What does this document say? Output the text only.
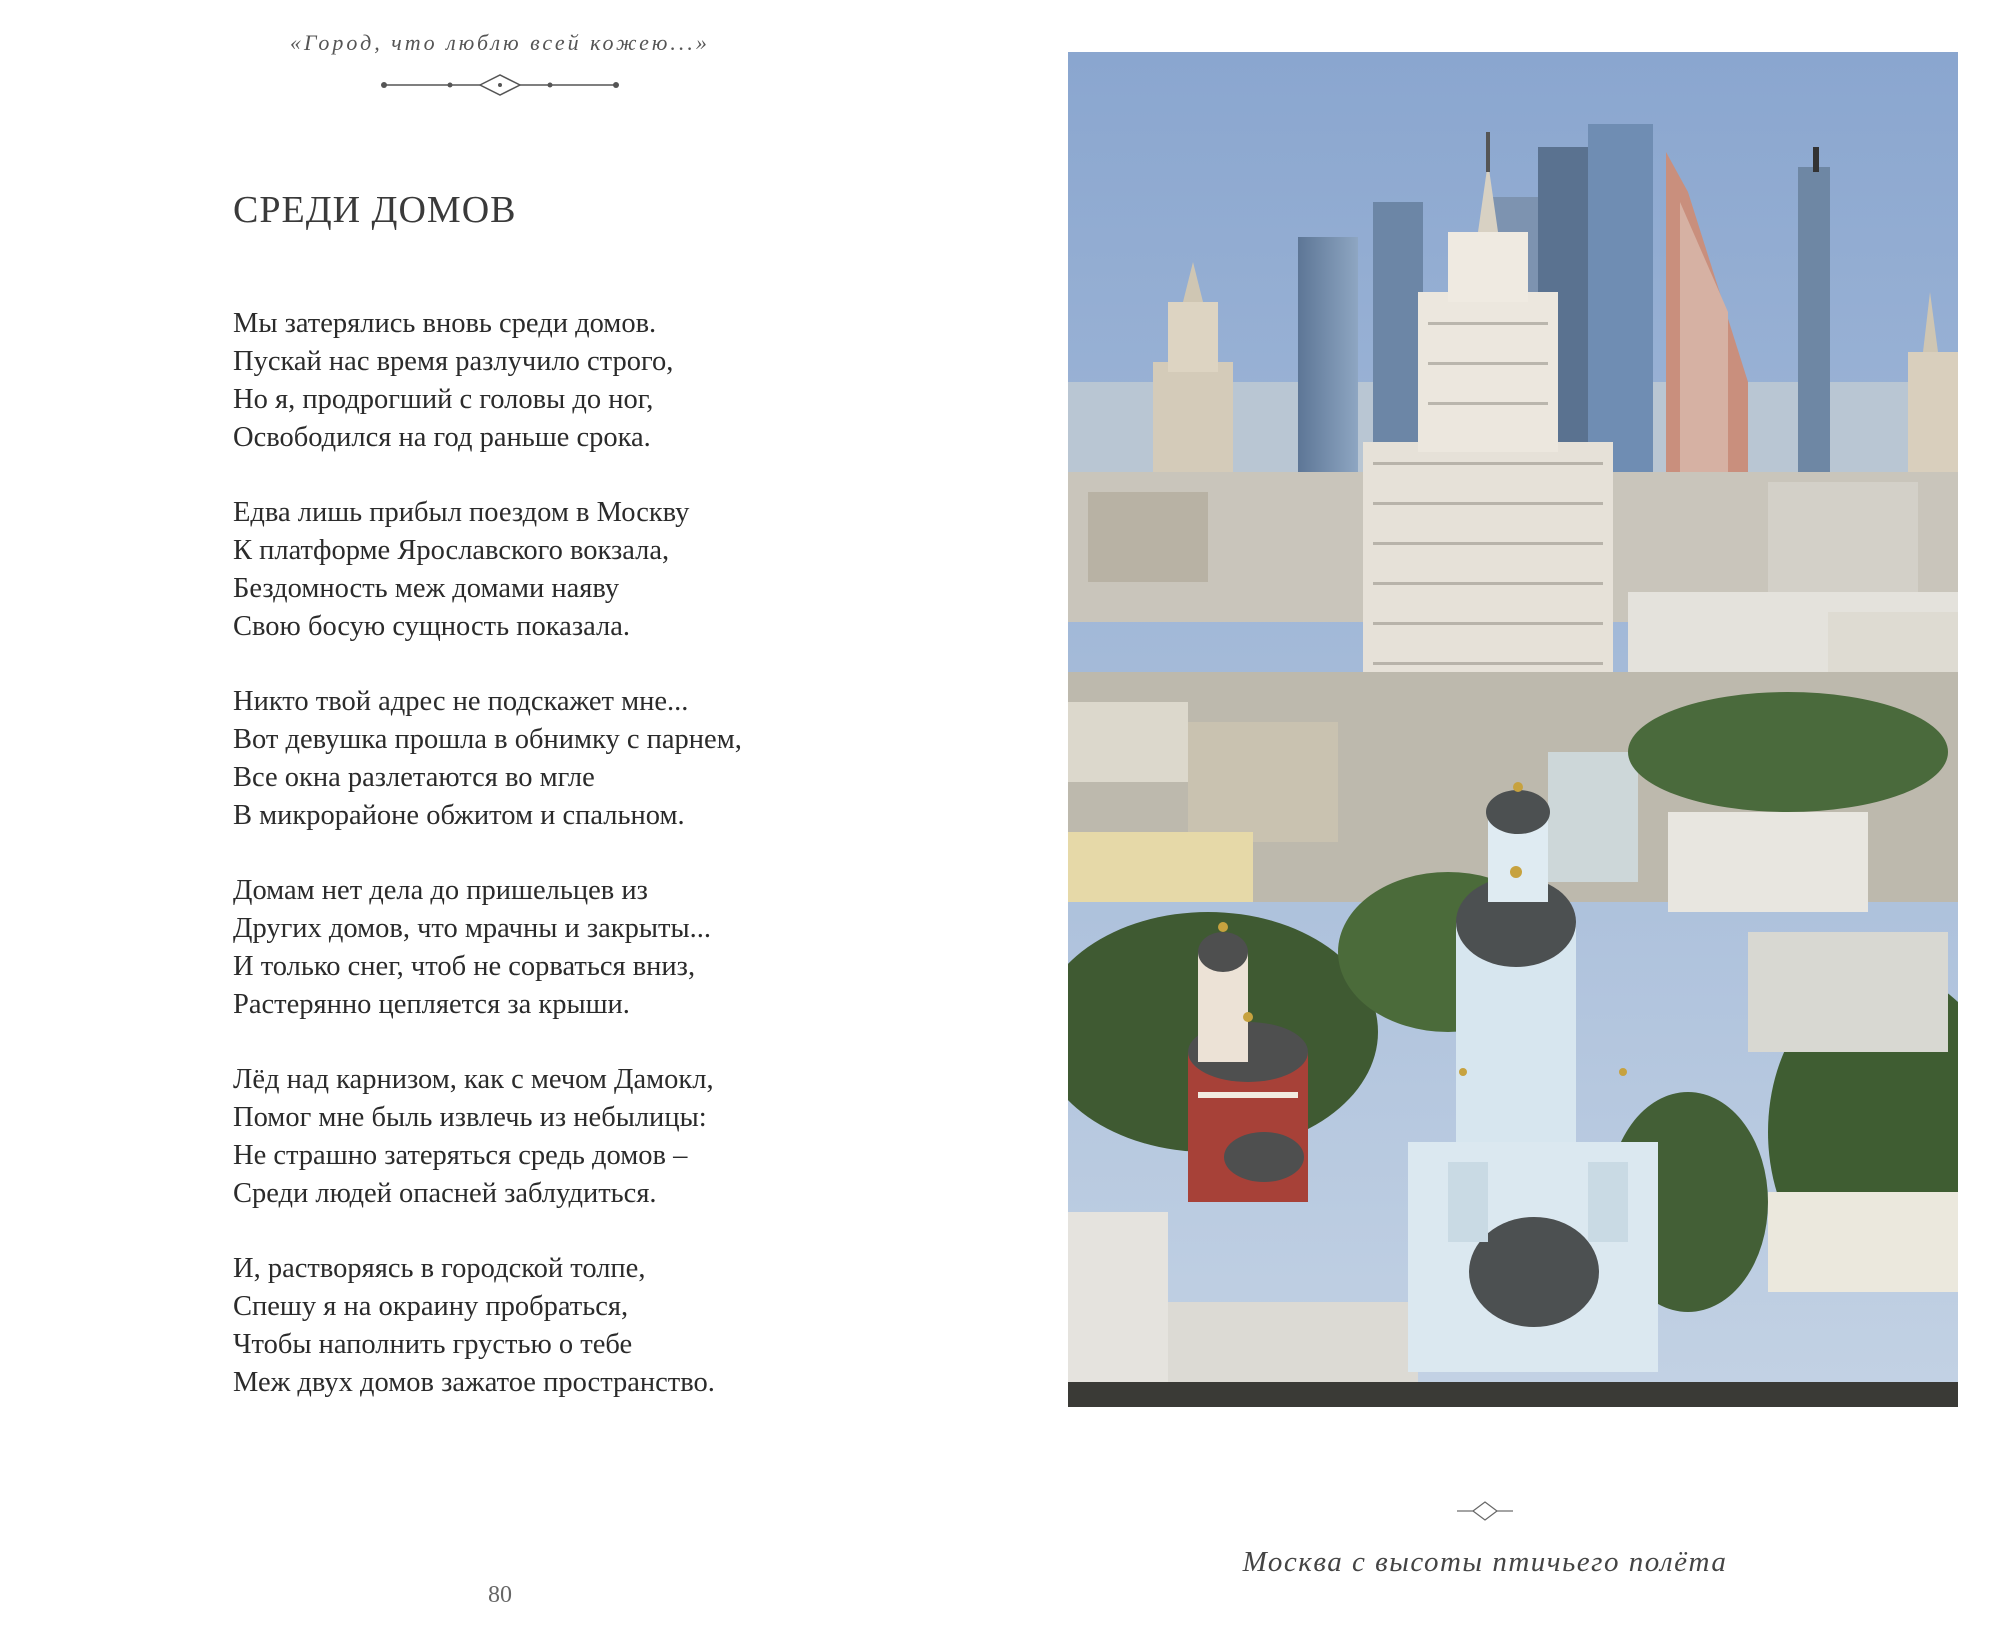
«Город, что люблю всей кожею...»
СРЕДИ ДОМОВ
Мы затерялись вновь среди домов.
Пускай нас время разлучило строго,
Но я, продрогший с головы до ног,
Освободился на год раньше срока.
Едва лишь прибыл поездом в Москву
К платформе Ярославского вокзала,
Бездомность меж домами наяву
Свою босую сущность показала.
Никто твой адрес не подскажет мне...
Вот девушка прошла в обнимку с парнем,
Все окна разлетаются во мгле
В микрорайоне обжитом и спальном.
Домам нет дела до пришельцев из
Других домов, что мрачны и закрыты...
И только снег, чтоб не сорваться вниз,
Растерянно цепляется за крыши.
Лёд над карнизом, как с мечом Дамокл,
Помог мне быль извлечь из небылицы:
Не страшно затеряться средь домов –
Среди людей опасней заблудиться.
И, растворяясь в городской толпе,
Спешу я на окраину пробраться,
Чтобы наполнить грустью о тебе
Меж двух домов зажатое пространство.
80
Москва с высоты птичьего полёта
